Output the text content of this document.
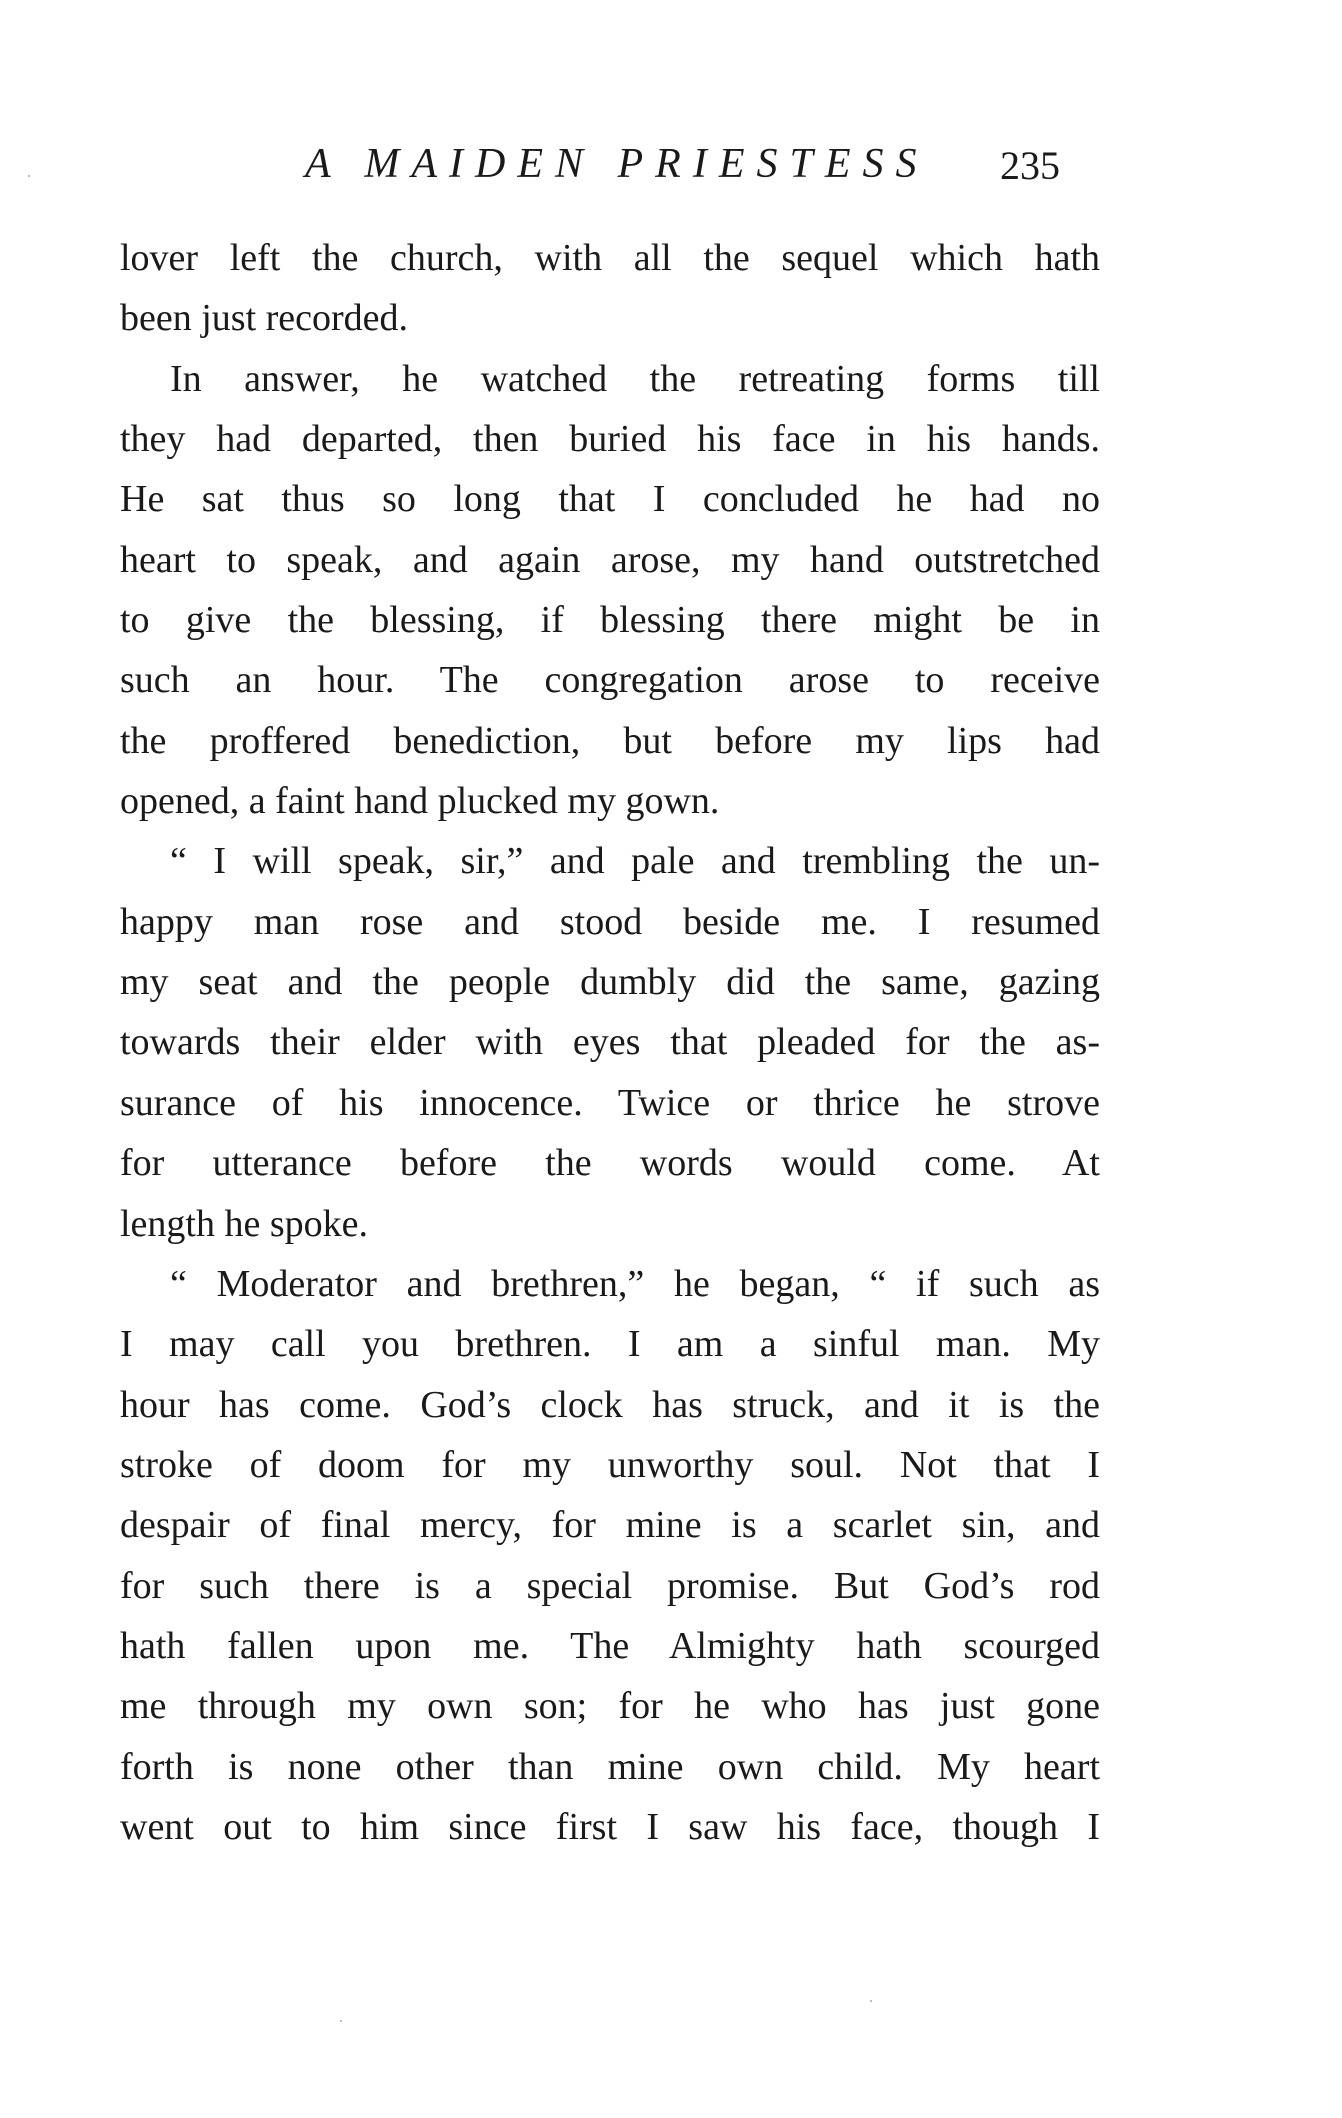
A MAIDEN PRIESTESS 235
lover left the church, with all the sequel which hath
been just recorded.
In answer, he watched the retreating forms till
they had departed, then buried his face in his hands.
He sat thus so long that I concluded he had no
heart to speak, and again arose, my hand outstretched
to give the blessing, if blessing there might be in
such an hour. The congregation arose to receive
the proffered benediction, but before my lips had
opened, a faint hand plucked my gown.
“ I will speak, sir,” and pale and trembling the un-
happy man rose and stood beside me. I resumed
my seat and the people dumbly did the same, gazing
towards their elder with eyes that pleaded for the as-
surance of his innocence. Twice or thrice he strove
for utterance before the words would come. At
length he spoke.
“ Moderator and brethren,” he began, “ if such as
I may call you brethren. I am a sinful man. My
hour has come. God’s clock has struck, and it is the
stroke of doom for my unworthy soul. Not that I
despair of final mercy, for mine is a scarlet sin, and
for such there is a special promise. But God’s rod
hath fallen upon me. The Almighty hath scourged
me through my own son; for he who has just gone
forth is none other than mine own child. My heart
went out to him since first I saw his face, though I
